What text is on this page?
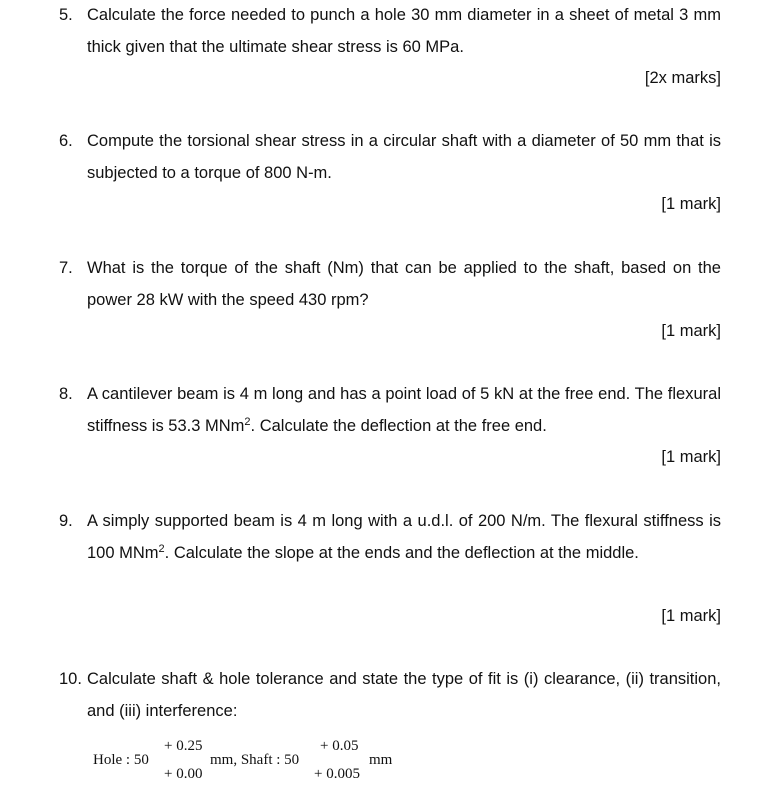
5. Calculate the force needed to punch a hole 30 mm diameter in a sheet of metal 3 mm thick given that the ultimate shear stress is 60 MPa.
[2x marks]
6. Compute the torsional shear stress in a circular shaft with a diameter of 50 mm that is subjected to a torque of 800 N-m.
[1 mark]
7. What is the torque of the shaft (Nm) that can be applied to the shaft, based on the power 28 kW with the speed 430 rpm?
[1 mark]
8. A cantilever beam is 4 m long and has a point load of 5 kN at the free end. The flexural stiffness is 53.3 MNm$^2$. Calculate the deflection at the free end.
[1 mark]
9. A simply supported beam is 4 m long with a u.d.l. of 200 N/m. The flexural stiffness is 100 MNm$^2$. Calculate the slope at the ends and the deflection at the middle.
[1 mark]
10. Calculate shaft & hole tolerance and state the type of fit is (i) clearance, (ii) transition, and (iii) interference:
Hole : 50
+ 0.25
+ 0.00
mm, Shaft : 50
+ 0.05
+ 0.005
mm
